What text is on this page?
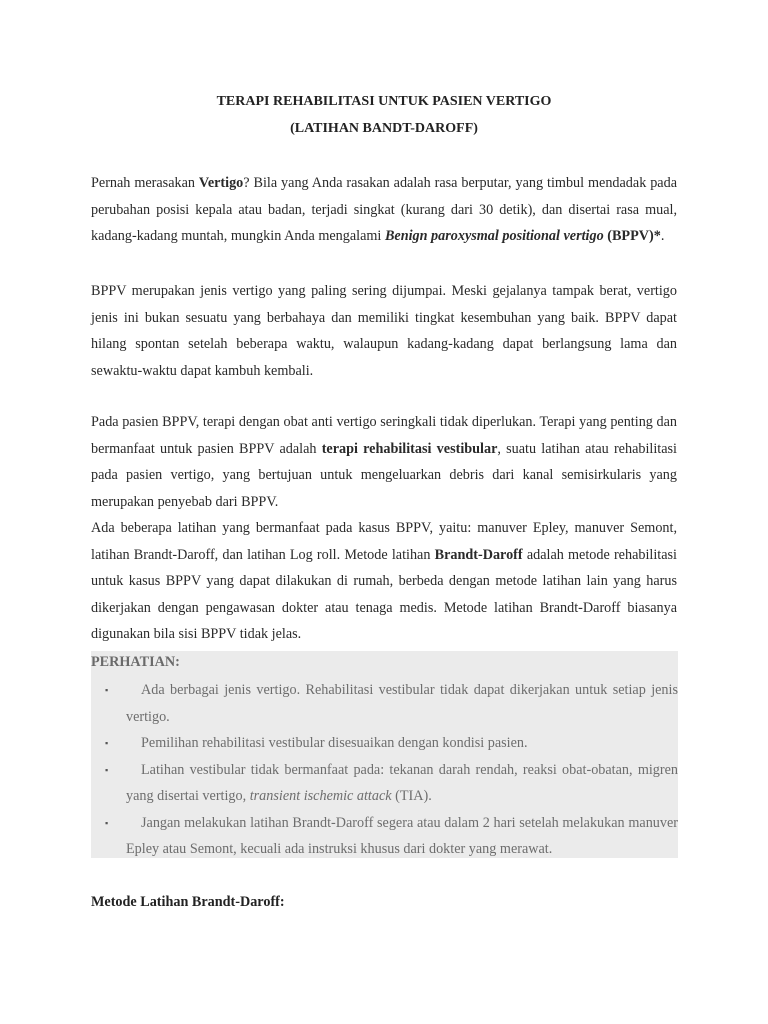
TERAPI REHABILITASI UNTUK PASIEN VERTIGO
(LATIHAN BANDT-DAROFF)

Pernah merasakan Vertigo? Bila yang Anda rasakan adalah rasa berputar, yang timbul mendadak pada perubahan posisi kepala atau badan, terjadi singkat (kurang dari 30 detik), dan disertai rasa mual, kadang-kadang muntah, mungkin Anda mengalami Benign paroxysmal positional vertigo (BPPV)*.

BPPV merupakan jenis vertigo yang paling sering dijumpai. Meski gejalanya tampak berat, vertigo jenis ini bukan sesuatu yang berbahaya dan memiliki tingkat kesembuhan yang baik. BPPV dapat hilang spontan setelah beberapa waktu, walaupun kadang-kadang dapat berlangsung lama dan sewaktu-waktu dapat kambuh kembali.

Pada pasien BPPV, terapi dengan obat anti vertigo seringkali tidak diperlukan. Terapi yang penting dan bermanfaat untuk pasien BPPV adalah terapi rehabilitasi vestibular, suatu latihan atau rehabilitasi pada pasien vertigo, yang bertujuan untuk mengeluarkan debris dari kanal semisirkularis yang merupakan penyebab dari BPPV.

Ada beberapa latihan yang bermanfaat pada kasus BPPV, yaitu: manuver Epley, manuver Semont, latihan Brandt-Daroff, dan latihan Log roll. Metode latihan Brandt-Daroff adalah metode rehabilitasi untuk kasus BPPV yang dapat dilakukan di rumah, berbeda dengan metode latihan lain yang harus dikerjakan dengan pengawasan dokter atau tenaga medis. Metode latihan Brandt-Daroff biasanya digunakan bila sisi BPPV tidak jelas.

PERHATIAN:
▪	Ada berbagai jenis vertigo. Rehabilitasi vestibular tidak dapat dikerjakan untuk setiap jenis vertigo.
▪	Pemilihan rehabilitasi vestibular disesuaikan dengan kondisi pasien.
▪	Latihan vestibular tidak bermanfaat pada: tekanan darah rendah, reaksi obat-obatan, migren yang disertai vertigo, transient ischemic attack (TIA).
▪	Jangan melakukan latihan Brandt-Daroff segera atau dalam 2 hari setelah melakukan manuver Epley atau Semont, kecuali ada instruksi khusus dari dokter yang merawat.
Metode Latihan Brandt-Daroff:
